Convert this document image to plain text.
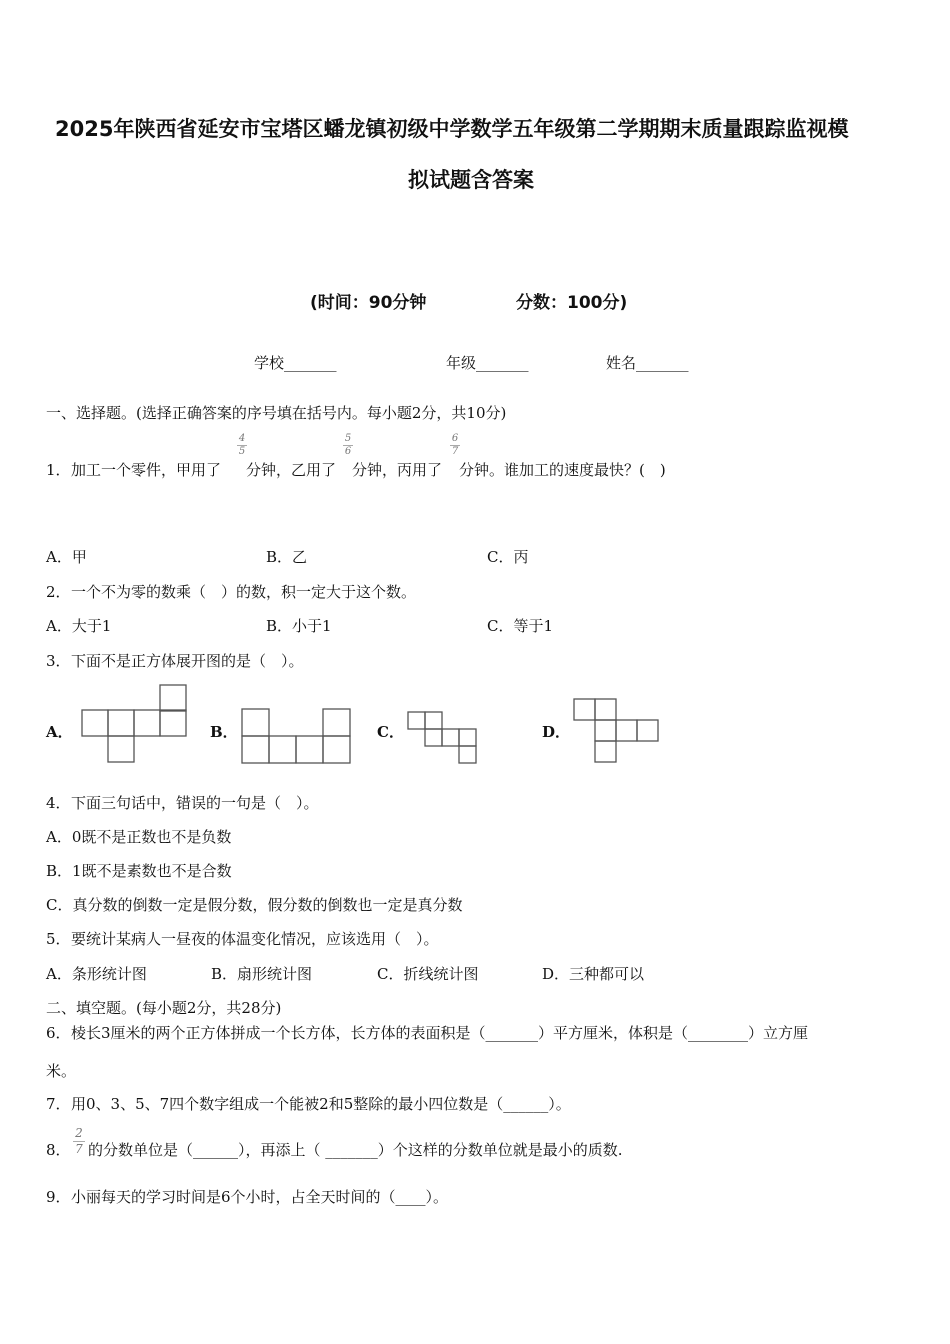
2025年陕西省延安市宝塔区蟠龙镇初级中学数学五年级第二学期期末质量跟踪监视模
拟试题含答案
(时间：90分钟	分数：100分)
学校_______	年级_______	姓名_______
一、选择题。(选择正确答案的序号填在括号内。每小题2分，共10分)
1． 加工一个零件，甲用了
4
5
分钟，乙用了
5
6
分钟，丙用了
6
7
分钟。谁加工的速度最快？(　)
A．甲	B．乙	C．丙
2． 一个不为零的数乘（　）的数，积一定大于这个数。
A．大于1	B．小于1	C．等于1
3． 下面不是正方体展开图的是（　）。
A．	B．	C．	D．
4． 下面三句话中，错误的一句是（　）。
A．0既不是正数也不是负数
B．1既不是素数也不是合数
C．真分数的倒数一定是假分数，假分数的倒数也一定是真分数
5． 要统计某病人一昼夜的体温变化情况，应该选用（　）。
A．条形统计图	B．扇形统计图	C．折线统计图	D．三种都可以
二、填空题。(每小题2分，共28分)
6． 棱长3厘米的两个正方体拼成一个长方体，长方体的表面积是（_______）平方厘米，体积是（________）立方厘
米。
7． 用0、3、5、7四个数字组成一个能被2和5整除的最小四位数是（______）。
8．
2
7 的分数单位是（______），再添上（ _______）个这样的分数单位就是最小的质数.
9． 小丽每天的学习时间是6个小时，占全天时间的（____）。
